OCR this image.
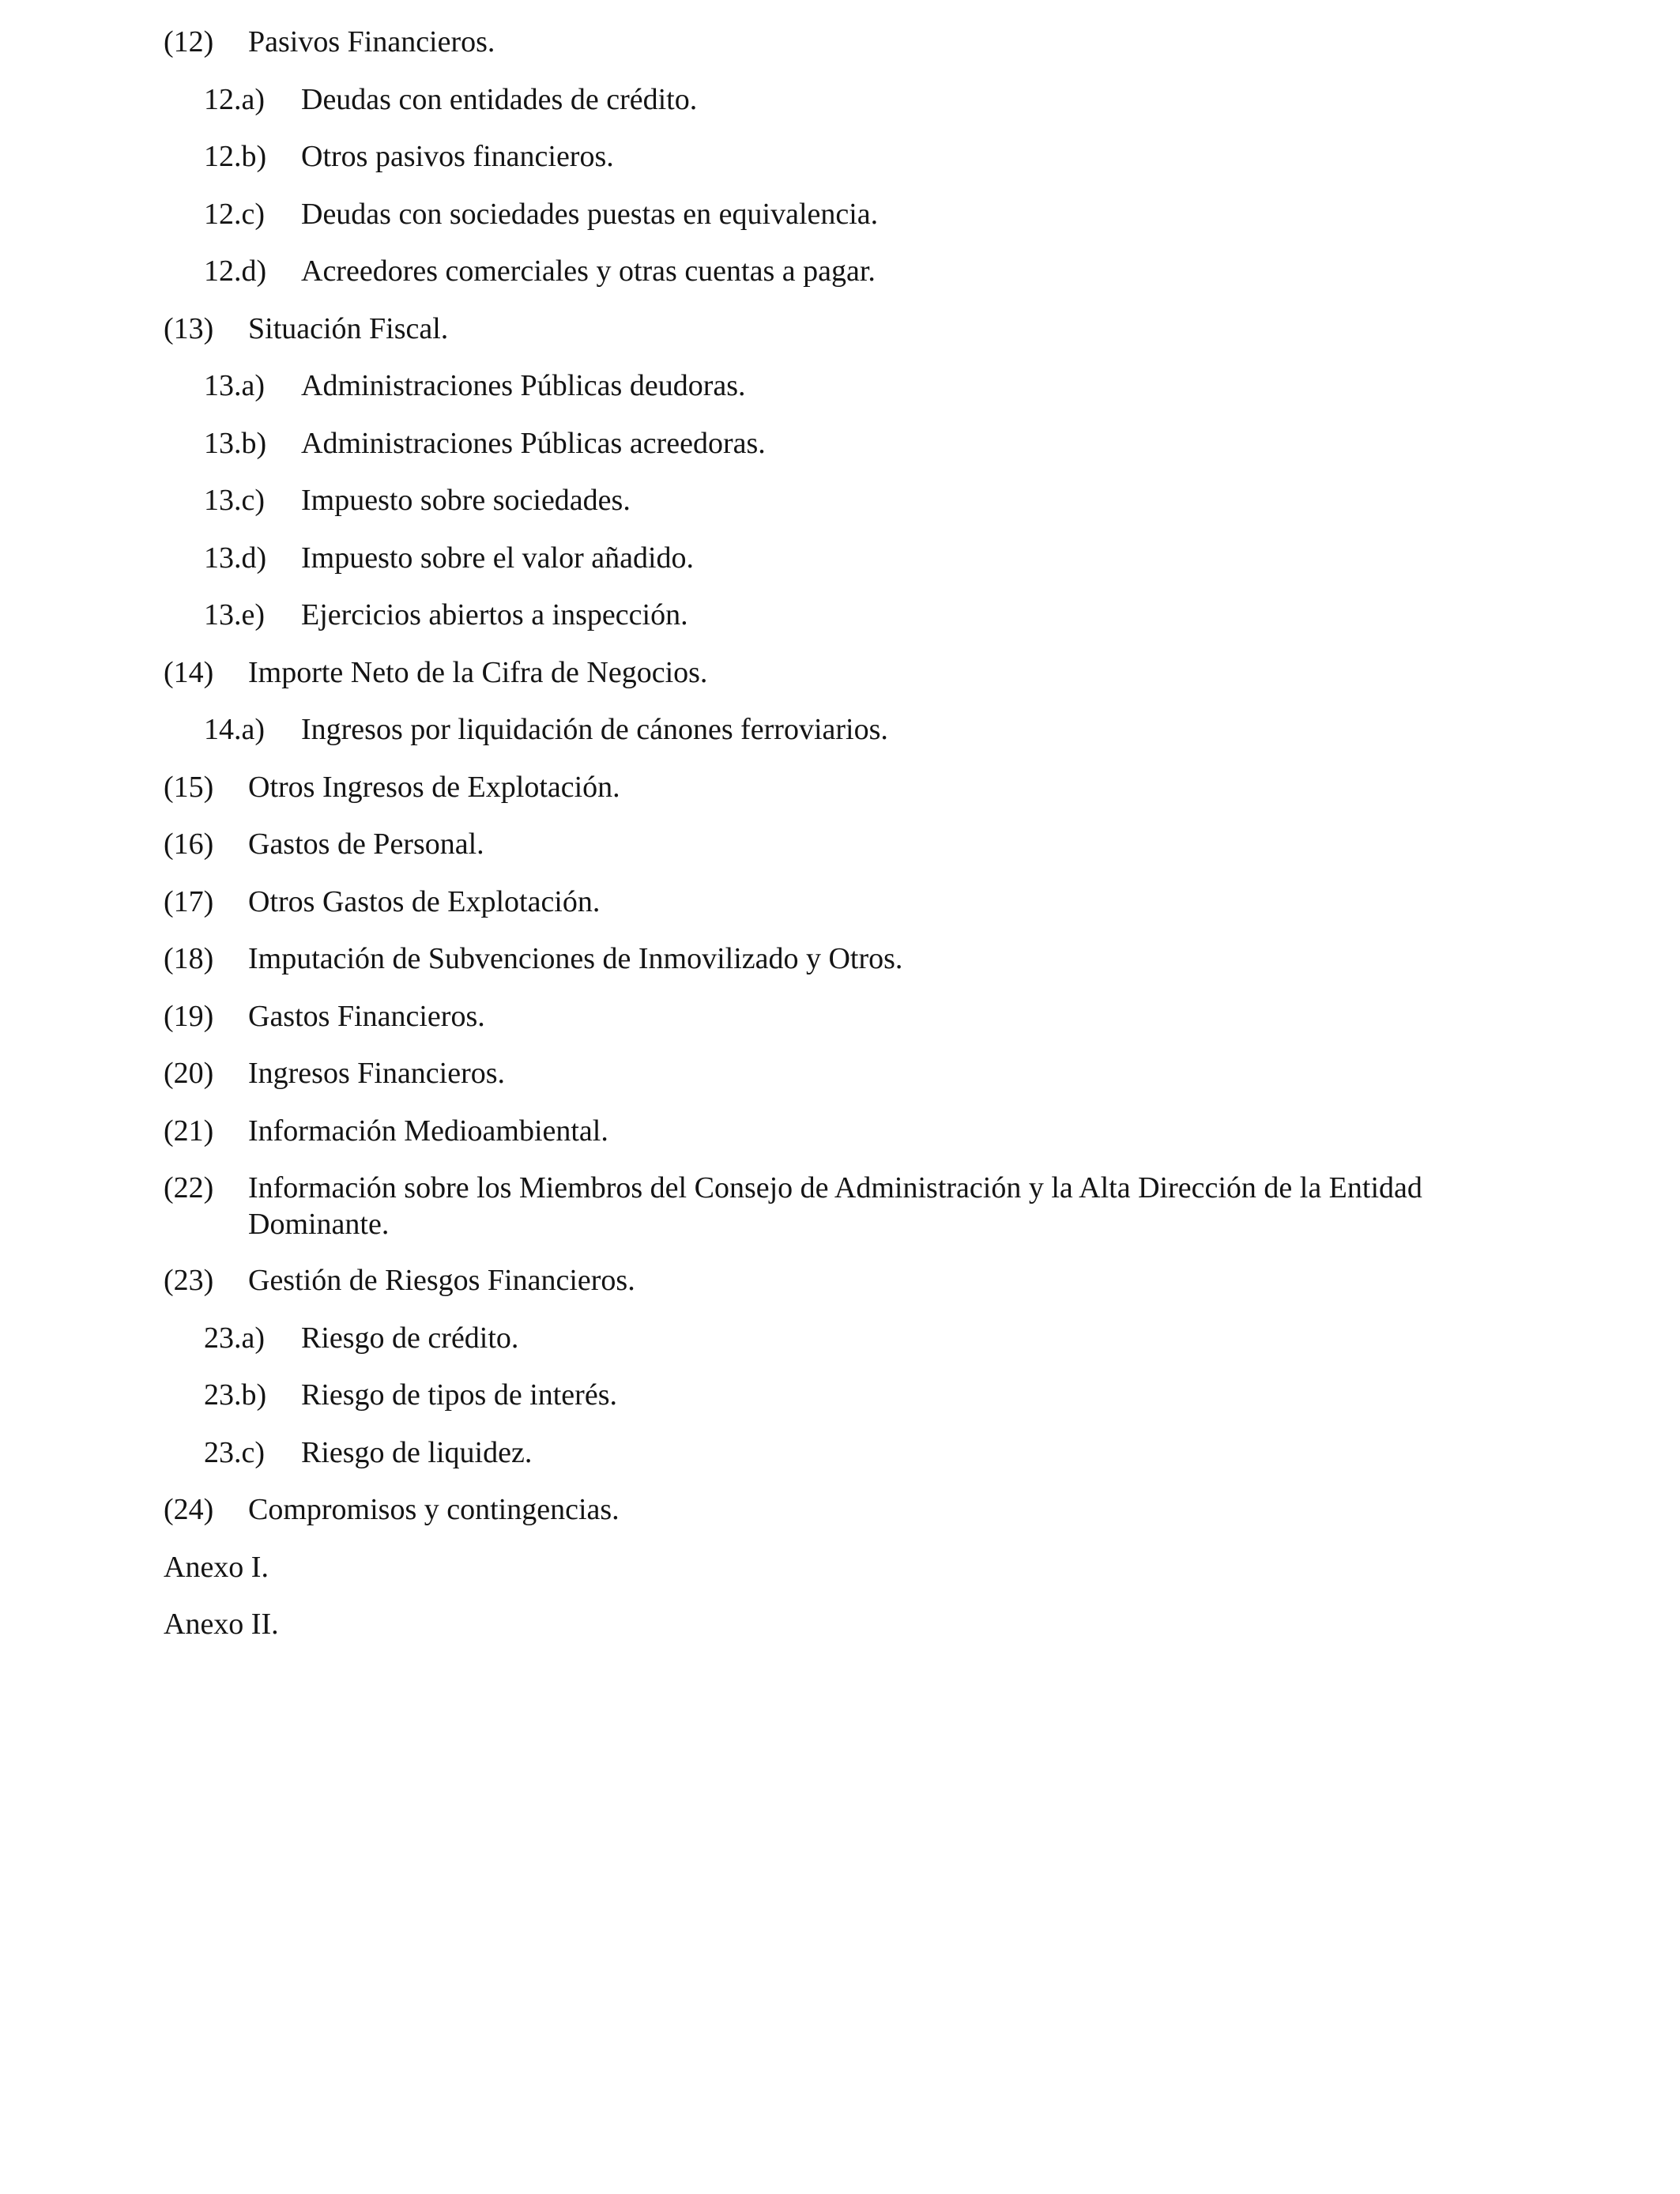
(12) Pasivos Financieros.
12.a) Deudas con entidades de crédito.
12.b) Otros pasivos financieros.
12.c) Deudas con sociedades puestas en equivalencia.
12.d) Acreedores comerciales y otras cuentas a pagar.
(13) Situación Fiscal.
13.a) Administraciones Públicas deudoras.
13.b) Administraciones Públicas acreedoras.
13.c) Impuesto sobre sociedades.
13.d) Impuesto sobre el valor añadido.
13.e) Ejercicios abiertos a inspección.
(14) Importe Neto de la Cifra de Negocios.
14.a) Ingresos por liquidación de cánones ferroviarios.
(15) Otros Ingresos de Explotación.
(16) Gastos de Personal.
(17) Otros Gastos de Explotación.
(18) Imputación de Subvenciones de Inmovilizado y Otros.
(19) Gastos Financieros.
(20) Ingresos Financieros.
(21) Información Medioambiental.
(22) Información sobre los Miembros del Consejo de Administración y la Alta Dirección de la Entidad Dominante.
(23) Gestión de Riesgos Financieros.
23.a) Riesgo de crédito.
23.b) Riesgo de tipos de interés.
23.c) Riesgo de liquidez.
(24) Compromisos y contingencias.
Anexo I.
Anexo II.
